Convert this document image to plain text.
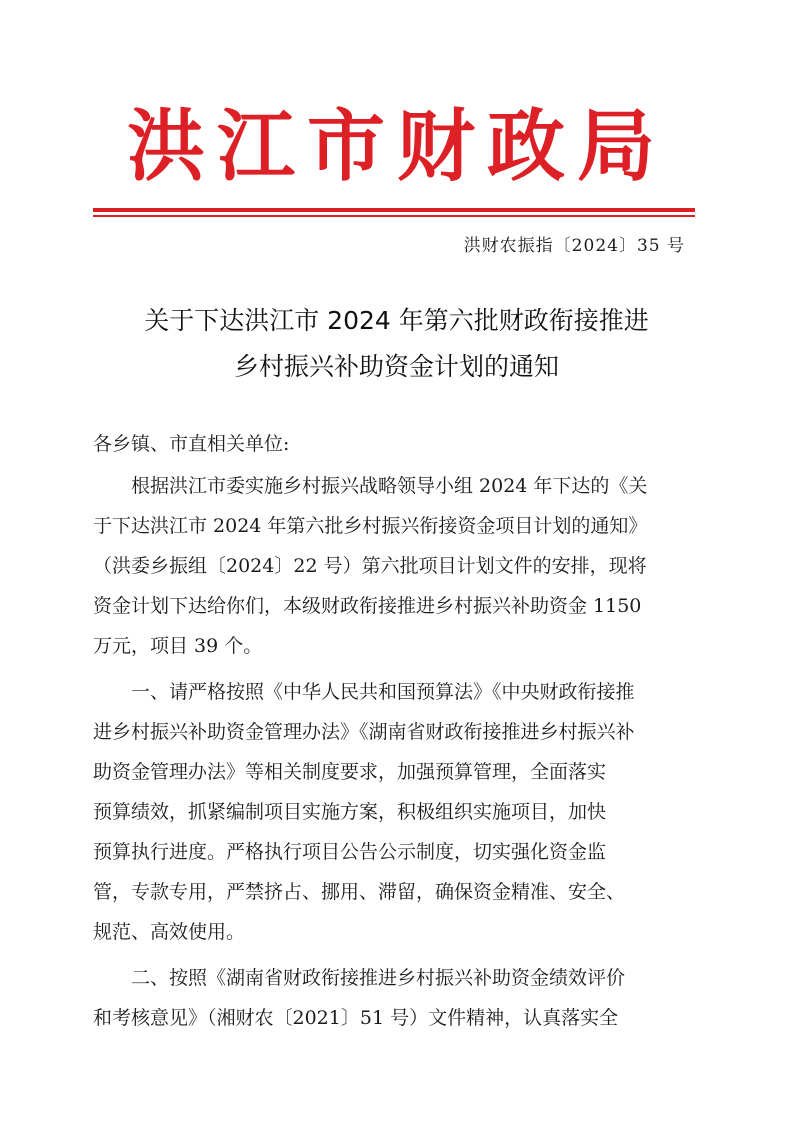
洪江市财政局
洪财农振指〔2024〕35 号
关于下达洪江市 2024 年第六批财政衔接推进
乡村振兴补助资金计划的通知
各乡镇、市直相关单位:
根据洪江市委实施乡村振兴战略领导小组 2024 年下达的《关
于下达洪江市 2024 年第六批乡村振兴衔接资金项目计划的通知》
（洪委乡振组〔2024〕22 号）第六批项目计划文件的安排，现将
资金计划下达给你们，本级财政衔接推进乡村振兴补助资金 1150
万元，项目 39 个。
一、请严格按照《中华人民共和国预算法》《中央财政衔接推
进乡村振兴补助资金管理办法》《湖南省财政衔接推进乡村振兴补
助资金管理办法》等相关制度要求，加强预算管理，全面落实
预算绩效，抓紧编制项目实施方案，积极组织实施项目，加快
预算执行进度。严格执行项目公告公示制度，切实强化资金监
管，专款专用，严禁挤占、挪用、滞留，确保资金精准、安全、
规范、高效使用。
二、按照《湖南省财政衔接推进乡村振兴补助资金绩效评价
和考核意见》（湘财农〔2021〕51 号）文件精神，认真落实全
